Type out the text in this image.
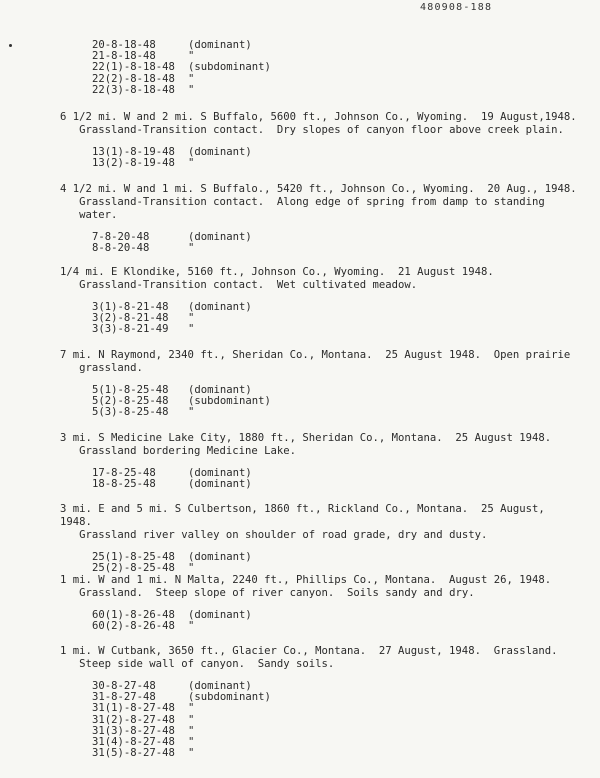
480908-188
20-8-18-48	(dominant)
21-8-18-48	"
22(1)-8-18-48 (subdominant)
22(2)-8-18-48 "
22(3)-8-18-48 "

6 1/2 mi. W and 2 mi. S Buffalo, 5600 ft., Johnson Co., Wyoming.  19 August,1948.
Grassland-Transition contact.  Dry slopes of canyon floor above creek plain.

13(1)-8-19-48 (dominant)
13(2)-8-19-48 "

4 1/2 mi. W and 1 mi. S Buffalo., 5420 ft., Johnson Co., Wyoming.  20 Aug., 1948.
Grassland-Transition contact.  Along edge of spring from damp to standing
water.

7-8-20-48	(dominant)
8-8-20-48	"

1/4 mi. E Klondike, 5160 ft., Johnson Co., Wyoming.  21 August 1948.
Grassland-Transition contact.  Wet cultivated meadow.

3(1)-8-21-48 (dominant)
3(2)-8-21-48 "
3(3)-8-21-49 "

7 mi. N Raymond, 2340 ft., Sheridan Co., Montana.  25 August 1948.  Open prairie
grassland.

5(1)-8-25-48 (dominant)
5(2)-8-25-48 (subdominant)
5(3)-8-25-48 "

3 mi. S Medicine Lake City, 1880 ft., Sheridan Co., Montana.  25 August 1948.
Grassland bordering Medicine Lake.

17-8-25-48	(dominant)
18-8-25-48	(dominant)

3 mi. E and 5 mi. S Culbertson, 1860 ft., Rickland Co., Montana.  25 August, 1948.
Grassland river valley on shoulder of road grade, dry and dusty.

25(1)-8-25-48 (dominant)
25(2)-8-25-48 "

1 mi. W and 1 mi. N Malta, 2240 ft., Phillips Co., Montana.  August 26, 1948.
Grassland.  Steep slope of river canyon.  Soils sandy and dry.

60(1)-8-26-48 (dominant)
60(2)-8-26-48 "

1 mi. W Cutbank, 3650 ft., Glacier Co., Montana.  27 August, 1948.  Grassland.
Steep side wall of canyon.  Sandy soils.

30-8-27-48	(dominant)
31-8-27-48	(subdominant)
31(1)-8-27-48 "
31(2)-8-27-48 "
31(3)-8-27-48 "
31(4)-8-27-48 "
31(5)-8-27-48 "
